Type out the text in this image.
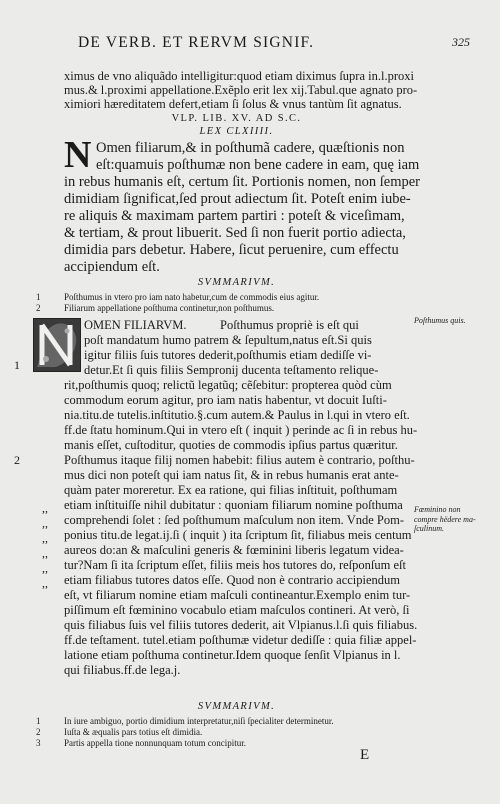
DE VERB. ET RERVM SIGNIF.	325
ximus de vno aliquãdo intelligitur:quod etiam diximus ſupra in.l.proxi
mus.& l.proximi appellatione.Exẽplo erit lex xij.Tabul.que agnato pro-
ximiori hæreditatem defert,etiam ſi ſolus & vnus tantùm ſit agnatus.
VLP. LIB. XV. AD S.C.
LEX CLXIIII.
N Omen filiarum,& in poſthumã cadere, quæſtionis non
eſt:quamuis poſthumæ non bene cadere in eam, quę iam
in rebus humanis eſt, certum ſit. Portionis nomen, non ſemper
dimidiam ſignificat,ſed prout adiectum ſit. Poteſt enim iube-
re aliquis & maximam partem partiri : poteſt & viceſimam,
& tertiam, & prout libuerit. Sed ſi non fuerit portio adiecta,
dimidia pars debetur. Habere, ſicut peruenire, cum effectu
accipiendum eſt.
SVMMARIVM.
1	Poſthumus in vtero pro iam nato habetur,cum de commodis eius agitur.
2	Filiarum appellatione poſthuma continetur,non poſthumus.
OMEN FILIARVM.	Poſthumus propriè is eſt qui
poſt mandatum humo patrem & ſepultum,natus eſt.Si quis
igitur filiis ſuis tutores dederit,poſthumis etiam dediſſe vi-
detur.Et ſi quis filiis Sempronij ducenta teſtamento relique-
rit,poſthumis quoq; relictũ legatũq; cẽſebitur: propterea quòd cùm
commodum eorum agitur, pro iam natis habentur, vt docuit Iuſti-
nia.titu.de tutelis.inſtitutio.§.cum autem.& Paulus in l.qui in vtero eſt.
ff.de ſtatu hominum.Qui in vtero eſt ( inquit ) perinde ac ſi in rebus hu-
manis eſſet, cuſtoditur, quoties de commodis ipſius partus quæritur.
Poſthumus itaque filij nomen habebit: filius autem è contrario, poſthu-
mus dici non poteſt qui iam natus ſit, & in rebus humanis erat ante-
quàm pater moreretur. Ex ea ratione, qui filias inſtituit, poſthumam
etiam inſtituiſſe nihil dubitatur : quoniam filiarum nomine poſthuma
comprehendi ſolet : ſed poſthumum maſculum non item. Vnde Pom-
ponius titu.de legat.ij.ſi ( inquit ) ita ſcriptum ſit, filiabus meis centum
aureos do:an & maſculini generis & fœminini liberis legatum videa-
tur?Nam ſi ita ſcriptum eſſet, filiis meis hos tutores do, reſponſum eſt
etiam filiabus tutores datos eſſe. Quod non è contrario accipiendum
eſt, vt filiarum nomine etiam maſculi contineantur.Exemplo enim tur-
piſſimum eſt fœminino vocabulo etiam maſculos contineri. At verò, ſi
quis filiabus ſuis vel filiis tutores dederit, ait Vlpianus.l.ſi quis filiabus.
ff.de teſtament. tutel.etiam poſthumæ videtur dediſſe : quia filiæ appel-
latione etiam poſthuma continetur.Idem quoque ſenſit Vlpianus in l.
qui filiabus.ff.de lega.j.
Poſthumus quis.
Fœminino non compre hëdere ma- ſculinum.
1
2
,,
,,
,,
,,
,,
,,
SVMMARIVM.
1	In iure ambiguo, portio dimidium interpretatur,niſi ſpecialiter determinetur.
2	Iuſta & æqualis pars totius eſt dimidia.
3	Partis appella tione nonnunquam totum concipitur.
E
